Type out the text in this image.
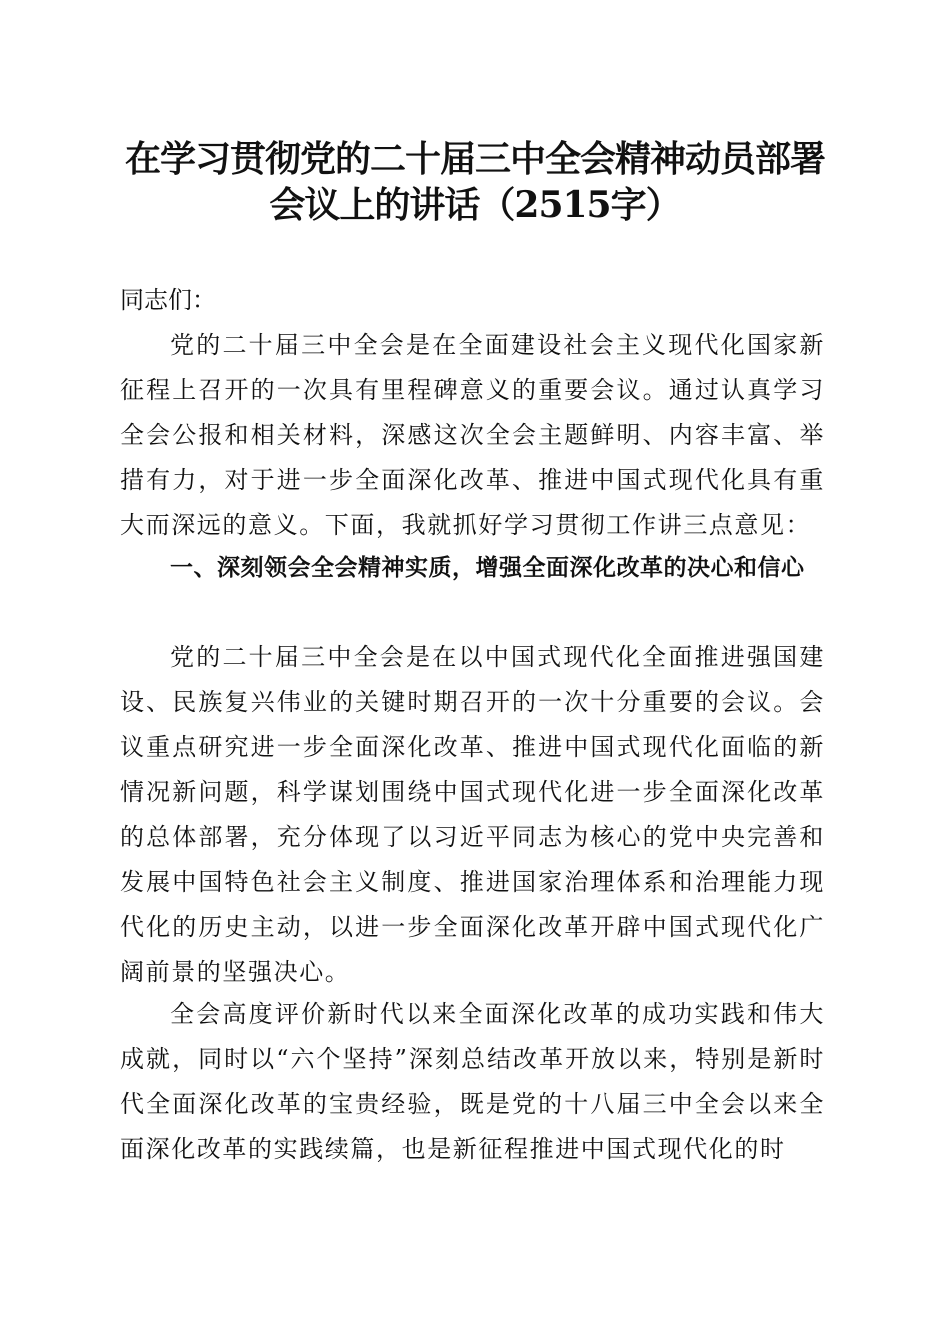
在学习贯彻党的二十届三中全会精神动员部署
会议上的讲话（2515字）

同志们：

党的二十届三中全会是在全面建设社会主义现代化国家新征程上召开的一次具有里程碑意义的重要会议。通过认真学习全会公报和相关材料，深感这次全会主题鲜明、内容丰富、举措有力，对于进一步全面深化改革、推进中国式现代化具有重大而深远的意义。下面，我就抓好学习贯彻工作讲三点意见：

一、深刻领会全会精神实质，增强全面深化改革的决心和信心

党的二十届三中全会是在以中国式现代化全面推进强国建设、民族复兴伟业的关键时期召开的一次十分重要的会议。会议重点研究进一步全面深化改革、推进中国式现代化面临的新情况新问题，科学谋划围绕中国式现代化进一步全面深化改革的总体部署，充分体现了以习近平同志为核心的党中央完善和发展中国特色社会主义制度、推进国家治理体系和治理能力现代化的历史主动，以进一步全面深化改革开辟中国式现代化广阔前景的坚强决心。

全会高度评价新时代以来全面深化改革的成功实践和伟大成就，同时以“六个坚持”深刻总结改革开放以来，特别是新时代全面深化改革的宝贵经验，既是党的十八届三中全会以来全面深化改革的实践续篇，也是新征程推进中国式现代化的时
